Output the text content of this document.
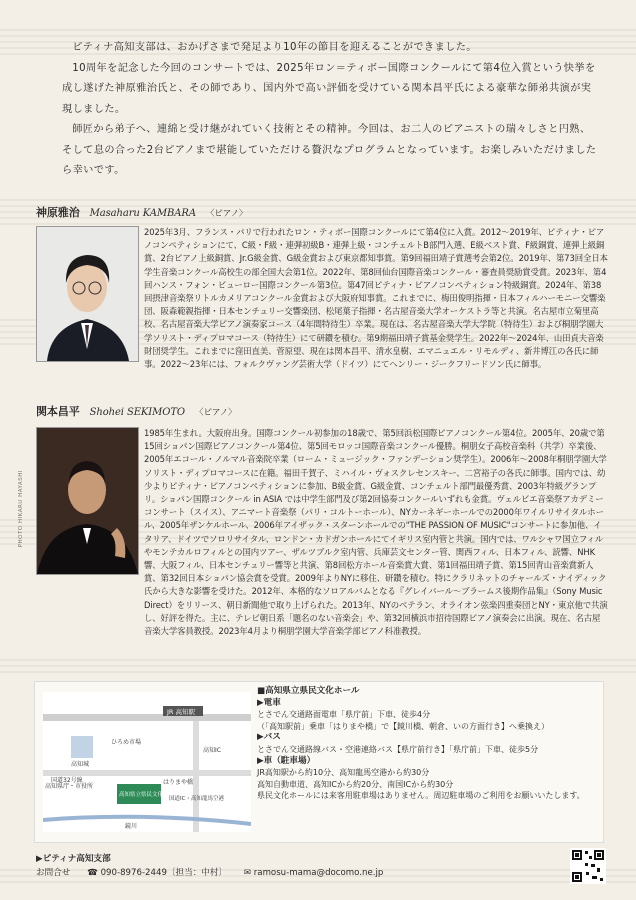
ピティナ高知支部は、おかげさまで発足より10年の節目を迎えることができました。

10周年を記念した今回のコンサートでは、2025年ロン＝ティボー国際コンクールにて第4位入賞という快挙を成し遂げた神原雅治氏と、その師であり、国内外で高い評価を受けている関本昌平氏による豪華な師弟共演が実現しました。

師匠から弟子へ、連綿と受け継がれていく技術とその精神。今回は、お二人のピアニストの瑞々しさと円熟、そして息の合った2台ピアノまで堪能していただける贅沢なプログラムとなっています。お楽しみいただけましたら幸いです。

神原雅治 Masaharu KAMBARA 〈ピアノ〉
2025年3月、フランス・パリで行われたロン・ティボー国際コンクールにて第4位に入賞。2012～2019年、ピティナ・ピアノコンペティションにて、C級・F級・連弾初級B・連弾上級・コンチェルトB部門入選、E級ベスト賞、F級銅賞、連弾上級銅賞、2台ピアノ上級銅賞、Jr.G級金賞、G級金賞および東京都知事賞。第9回福田靖子賞選考会第2位。2019年、第73回全日本学生音楽コンクール高校生の部全国大会第1位。2022年、第8回仙台国際音楽コンクール・審査員奨励賞受賞。2023年、第4回ハンス・フォン・ビューロー国際コンクール第3位。第47回ピティナ・ピアノコンペティション特級銅賞。2024年、第38回摂津音楽祭リトルカメリアコンクール金賞および大阪府知事賞。これまでに、梅田俊明指揮・日本フィルハーモニー交響楽団、阪森範親指揮・日本センチュリー交響楽団、松尾葉子指揮・名古屋音楽大学オーケストラ等と共演。名古屋市立菊里高校、名古屋音楽大学ピアノ演奏家コース（4年間特待生）卒業。現在は、名古屋音楽大学大学院（特待生）および桐朋学園大学ソリスト・ディプロマコース（特待生）にて研鑽を積む。第9期福田靖子賞基金奨学生。2022年～2024年、山田貞夫音楽財団奨学生。これまでに窪田直美、菅原望、現在は関本昌平、清水皇樹、エマニュエル・リモルディ、新井博江の各氏に師事。2022～23年には、フォルクヴァング芸術大学（ドイツ）にてヘンリー・ジークフリードソン氏に師事。
関本昌平 Shohei SEKIMOTO 〈ピアノ〉
1985年生まれ。大阪府出身。国際コンクール初参加の18歳で、第5回浜松国際ピアノコンクール第4位。2005年、20歳で第15回ショパン国際ピアノコンクール第4位、第5回モロッコ国際音楽コンクール優勝。桐朋女子高校音楽科（共学）卒業後、2005年エコール・ノルマル音楽院卒業（ローム・ミュージック・ファンデーション奨学生）。2006年～2008年桐朋学園大学ソリスト・ディプロマコースに在籍。福田千賀子、ミハイル・ヴォスクレセンスキー、二宮裕子の各氏に師事。国内では、幼少よりピティナ・ピアノコンペティションに参加、B級金賞、G級金賞、コンチェルト部門最優秀賞、2003年特級グランプリ。ショパン国際コンクール in ASIA では中学生部門及び第2回協奏コンクールいずれも金賞。ヴェルビエ音楽祭アカデミーコンサート（スイス）、アニマート音楽祭（パリ・コルトーホール）、NYカーネギーホールでの2000年ワイルリサイタルホール、2005年ザンケルホール、2006年アイザック・スターンホールでの"THE PASSION OF MUSIC"コンサートに参加他、イタリア、ドイツでソロリサイタル、ロンドン・カドガンホールにてイギリス室内管と共演。国内では、ワルシャワ国立フィルやモンテカルロフィルとの国内ツアー、ザルツブルク室内管、兵庫芸文センター管、関西フィル、日本フィル、読響、NHK響、大阪フィル、日本センチュリー響等と共演、第8回松方ホール音楽賞大賞、第1回福田靖子賞、第15回青山音楽賞新人賞、第32回日本ショパン協会賞を受賞。2009年よりNYに移住、研鑽を積む。特にクラリネットのチャールズ・ナイディック氏から大きな影響を受けた。2012年、本格的なソロアルバムとなる『グレイバール～ブラームス後期作品集』（Sony Music Direct）をリリース、朝日新聞他で取り上げられた。2013年、NYのベテラン、オライオン弦楽四重奏団とNY・東京他で共演し、好評を得た。主に、テレビ朝日系「題名のない音楽会」や、第32回横浜市招待国際ピアノ演奏会に出演。現在、名古屋音楽大学客員教授。2023年4月より桐朋学園大学音楽学部ピアノ科准教授。
PHOTO HIKARU HAYASHI
JR 高知駅
高知IC
国道32号線
高知城
高知県庁・市役所
ひろめ市場
はりまや橋
高知県立県民文化ホール
国道IC・高知龍馬空港
鏡川
■高知県立県民文化ホール
▶電車
とさでん交通路面電車「県庁前」下車、徒歩4分
（「高知駅前」乗車「はりまや橋」で【鏡川橋、朝倉、いの方面行き】へ乗換え）
▶バス
とさでん交通路線バス・空港連絡バス【県庁前行き】「県庁前」下車、徒歩5分
▶車（駐車場）
JR高知駅から約10分、高知龍馬空港から約30分
高知自動車道、高知ICから約20分、南国ICから約30分
県民文化ホールには来客用駐車場はありません。周辺駐車場のご利用をお願いいたします。
▶ピティナ高知支部
お問合せ ☎ 090-8976-2449〔担当：中村〕 ✉ ramosu-mama@docomo.ne.jp
